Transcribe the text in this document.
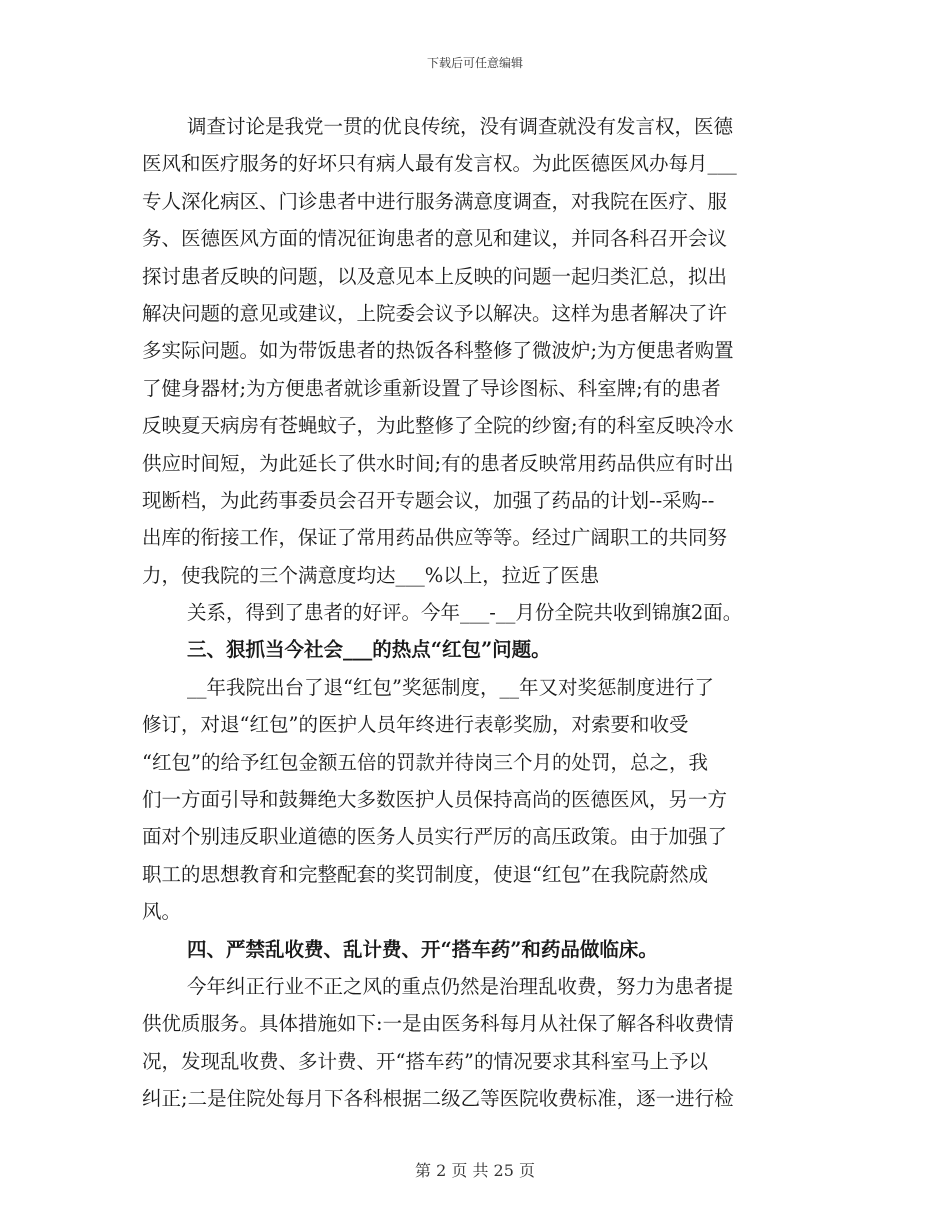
下载后可任意编辑
调查讨论是我党一贯的优良传统，没有调查就没有发言权，医德
医风和医疗服务的好坏只有病人最有发言权。为此医德医风办每月___
专人深化病区、门诊患者中进行服务满意度调查，对我院在医疗、服
务、医德医风方面的情况征询患者的意见和建议，并同各科召开会议
探讨患者反映的问题，以及意见本上反映的问题一起归类汇总，拟出
解决问题的意见或建议，上院委会议予以解决。这样为患者解决了许
多实际问题。如为带饭患者的热饭各科整修了微波炉;为方便患者购置
了健身器材;为方便患者就诊重新设置了导诊图标、科室牌;有的患者
反映夏天病房有苍蝇蚊子，为此整修了全院的纱窗;有的科室反映冷水
供应时间短，为此延长了供水时间;有的患者反映常用药品供应有时出
现断档，为此药事委员会召开专题会议，加强了药品的计划--采购--
出库的衔接工作，保证了常用药品供应等等。经过广阔职工的共同努
力，使我院的三个满意度均达___%以上，拉近了医患
关系，得到了患者的好评。今年___-__月份全院共收到锦旗2面。
三、狠抓当今社会___的热点“红包”问题。
__年我院出台了退“红包”奖惩制度，__年又对奖惩制度进行了
修订，对退“红包”的医护人员年终进行表彰奖励，对索要和收受
“红包”的给予红包金额五倍的罚款并待岗三个月的处罚，总之，我
们一方面引导和鼓舞绝大多数医护人员保持高尚的医德医风，另一方
面对个别违反职业道德的医务人员实行严厉的高压政策。由于加强了
职工的思想教育和完整配套的奖罚制度，使退“红包”在我院蔚然成
风。
四、严禁乱收费、乱计费、开“搭车药”和药品做临床。
今年纠正行业不正之风的重点仍然是治理乱收费，努力为患者提
供优质服务。具体措施如下:一是由医务科每月从社保了解各科收费情
况，发现乱收费、多计费、开“搭车药”的情况要求其科室马上予以
纠正;二是住院处每月下各科根据二级乙等医院收费标准，逐一进行检
第 2 页 共 25 页
